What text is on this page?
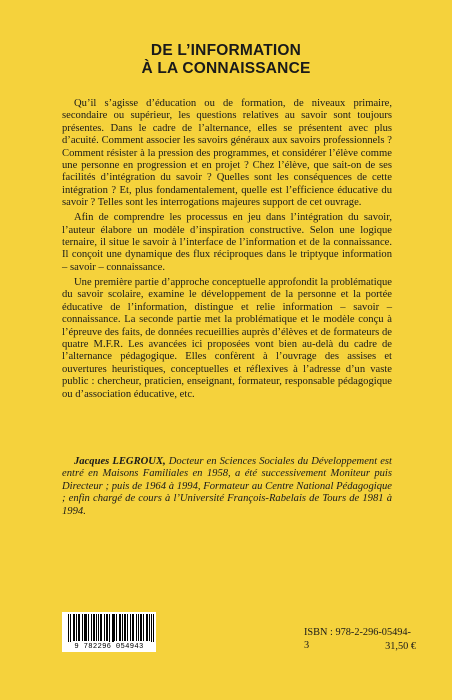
DE L’INFORMATION
À LA CONNAISSANCE

Qu’il s’agisse d’éducation ou de formation, de niveaux primaire, secondaire ou supérieur, les questions relatives au savoir sont toujours présentes. Dans le cadre de l’alternance, elles se présentent avec plus d’acuité. Comment associer les savoirs généraux aux savoirs professionnels ? Comment résister à la pression des programmes, et considérer l’élève comme une personne en progression et en projet ? Chez l’élève, que sait-on de ses facilités d’intégration du savoir ? Quelles sont les conséquences de cette intégration ? Et, plus fondamentalement, quelle est l’efficience éducative du savoir ? Telles sont les interrogations majeures support de cet ouvrage.

Afin de comprendre les processus en jeu dans l’intégration du savoir, l’auteur élabore un modèle d’inspiration constructive. Selon une logique ternaire, il situe le savoir à l’interface de l’information et de la connaissance. Il conçoit une dynamique des flux réciproques dans le triptyque information – savoir – connaissance.

Une première partie d’approche conceptuelle approfondit la problématique du savoir scolaire, examine le développement de la personne et la portée éducative de l’information, distingue et relie information – savoir – connaissance. La seconde partie met la problématique et le modèle conçu à l’épreuve des faits, de données recueillies auprès d’élèves et de formateurs de quatre M.F.R. Les avancées ici proposées vont bien au-delà du cadre de l’alternance pédagogique. Elles confèrent à l’ouvrage des assises et ouvertures heuristiques, conceptuelles et réflexives à l’adresse d’un vaste public : chercheur, praticien, enseignant, formateur, responsable pédagogique ou d’association éducative, etc.

Jacques LEGROUX, Docteur en Sciences Sociales du Développement est entré en Maisons Familiales en 1958, a été successivement Moniteur puis Directeur ; puis de 1964 à 1994, Formateur au Centre National Pédagogique ; enfin chargé de cours à l’Université François-Rabelais de Tours de 1981 à 1994.
9 782296 054943
ISBN : 978-2-296-05494-3	31,50 €
